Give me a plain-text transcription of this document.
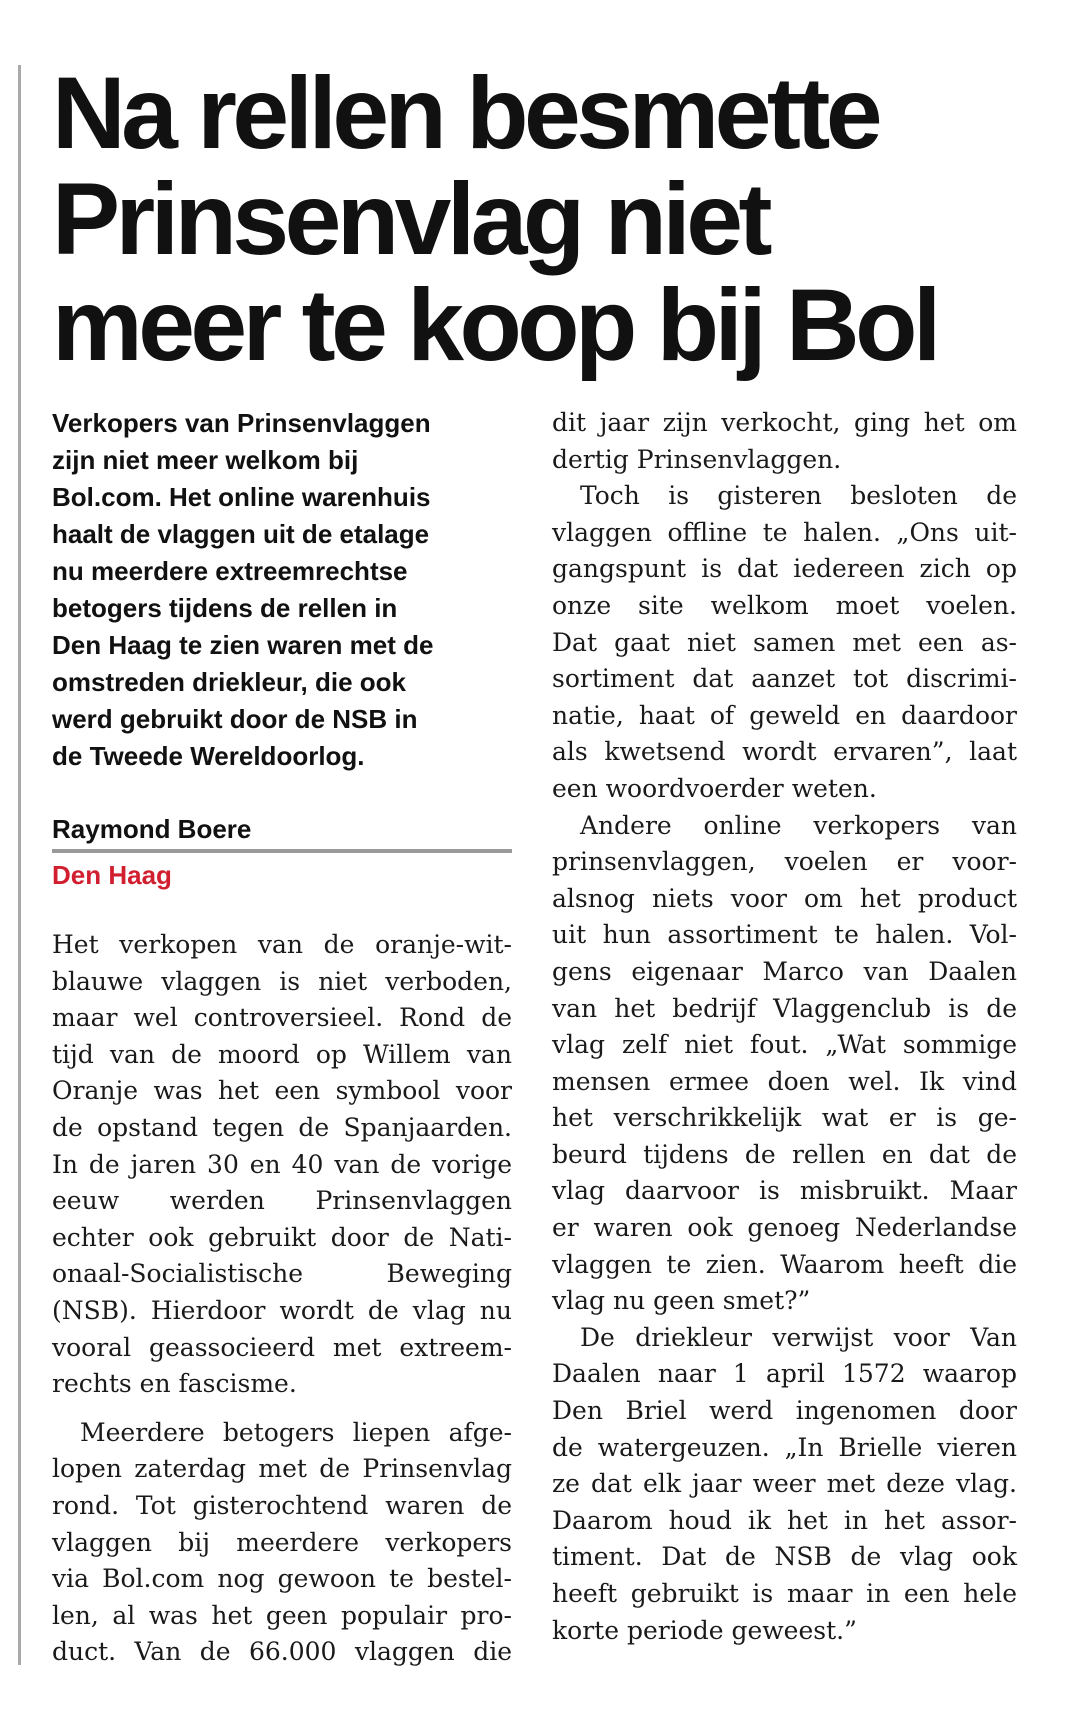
Na rellen besmette
Prinsenvlag niet
meer te koop bij Bol

Verkopers van Prinsenvlaggen
zijn niet meer welkom bij
Bol.com. Het online warenhuis
haalt de vlaggen uit de etalage
nu meerdere extreemrechtse
betogers tijdens de rellen in
Den Haag te zien waren met de
omstreden driekleur, die ook
werd gebruikt door de NSB in
de Tweede Wereldoorlog.

Raymond Boere
Den Haag

Het verkopen van de oranje-wit-
blauwe vlaggen is niet verboden,
maar wel controversieel. Rond de
tijd van de moord op Willem van
Oranje was het een symbool voor
de opstand tegen de Spanjaarden.
In de jaren 30 en 40 van de vorige
eeuw werden Prinsenvlaggen
echter ook gebruikt door de Nati-
onaal-Socialistische Beweging
(NSB). Hierdoor wordt de vlag nu
vooral geassocieerd met extreem-
rechts en fascisme.

Meerdere betogers liepen afge-
lopen zaterdag met de Prinsenvlag
rond. Tot gisterochtend waren de
vlaggen bij meerdere verkopers
via Bol.com nog gewoon te bestel-
len, al was het geen populair pro-
duct. Van de 66.000 vlaggen die

dit jaar zijn verkocht, ging het om
dertig Prinsenvlaggen.

Toch is gisteren besloten de
vlaggen offline te halen. „Ons uit-
gangspunt is dat iedereen zich op
onze site welkom moet voelen.
Dat gaat niet samen met een as-
sortiment dat aanzet tot discrimi-
natie, haat of geweld en daardoor
als kwetsend wordt ervaren”, laat
een woordvoerder weten.

Andere online verkopers van
prinsenvlaggen, voelen er voor-
alsnog niets voor om het product
uit hun assortiment te halen. Vol-
gens eigenaar Marco van Daalen
van het bedrijf Vlaggenclub is de
vlag zelf niet fout. „Wat sommige
mensen ermee doen wel. Ik vind
het verschrikkelijk wat er is ge-
beurd tijdens de rellen en dat de
vlag daarvoor is misbruikt. Maar
er waren ook genoeg Nederlandse
vlaggen te zien. Waarom heeft die
vlag nu geen smet?”

De driekleur verwijst voor Van
Daalen naar 1 april 1572 waarop
Den Briel werd ingenomen door
de watergeuzen. „In Brielle vieren
ze dat elk jaar weer met deze vlag.
Daarom houd ik het in het assor-
timent. Dat de NSB de vlag ook
heeft gebruikt is maar in een hele
korte periode geweest.”
